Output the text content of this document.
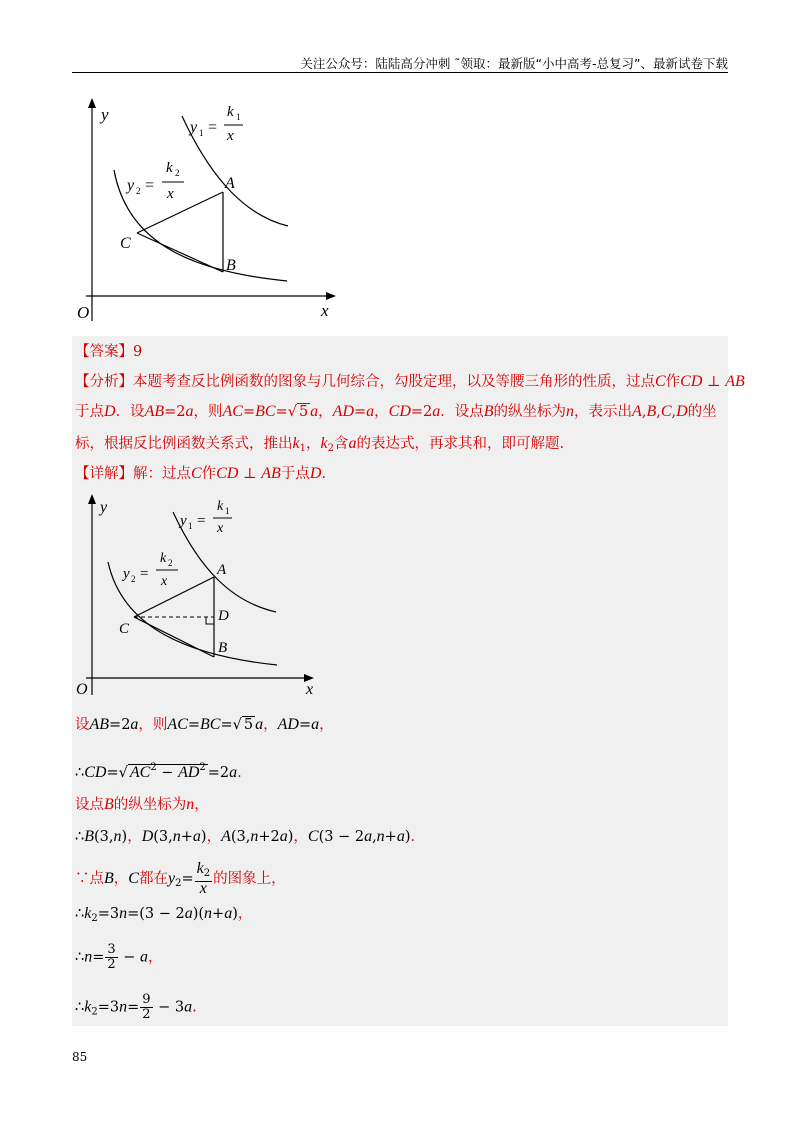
关注公众号：陆陆高分冲刺 ˜领取：最新版“小中高考-总复习”、最新试卷下载
y
x
O
y 1 =
k 1
x
y 2 =
k 2
x
A
B
C
【答案】9
【分析】本题考查反比例函数的图象与几何综合，勾股定理，以及等腰三角形的性质，过点C作CD ⊥ AB
于点D．设AB=2a，则AC=BC=√ 5 a，AD=a，CD=2a．设点B的纵坐标为n，表示出A,B,C,D的坐
标，根据反比例函数关系式，推出$k_1$，$k_2$含a的表达式，再求其和，即可解题.
【详解】解：过点C作CD ⊥ AB于点D.
y
x
O
y 1 =
k 1
x
y 2 =
k 2
x
A
D
B
C
设AB=2a，则AC=BC=√ 5 a，AD=a，
∴CD=√ $AC^2 - AD^2 =2a$.
设点B的纵坐标为n，
∴B(3,n)，D(3,n+a)，A(3,n+2a)，C(3 − 2a,n+a).
∵点B，C都在$y_2= \frac{k_2}{x}$ 的图象上，
$\therefore k_2=3n=(3 - 2a)(n+a)$，
∴n= $\frac{3}{2} - a$，
$\therefore k_2=3n= \frac{9}{2} - 3a$.
85
